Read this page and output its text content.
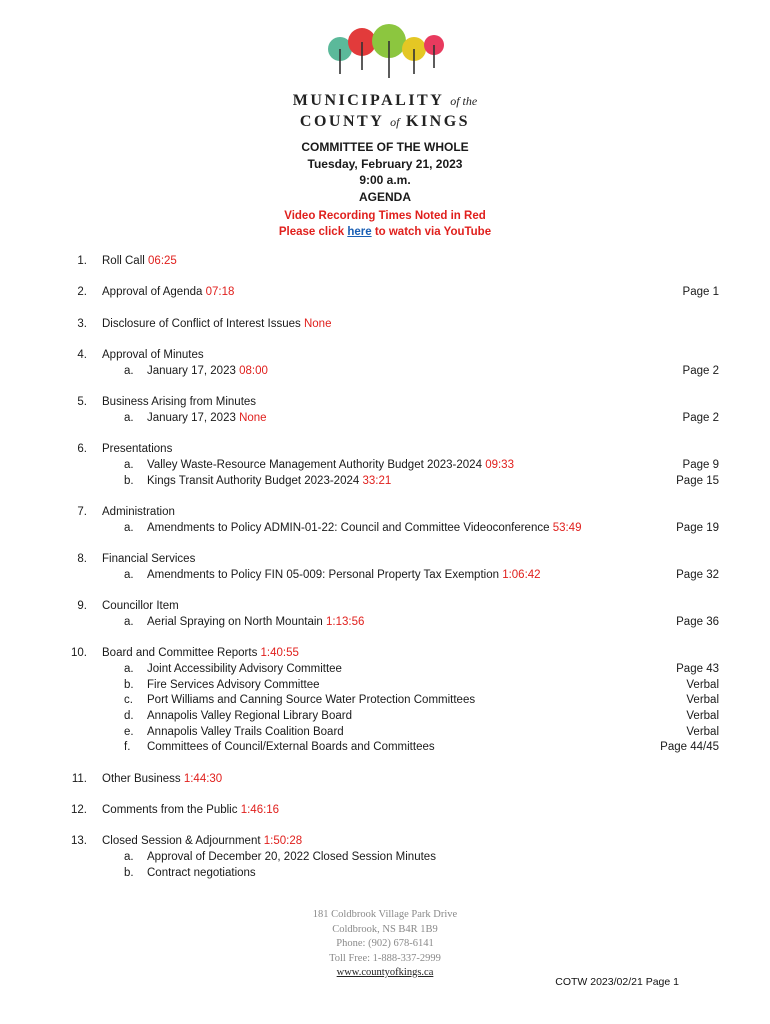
MUNICIPALITY of the
COUNTY of KINGS
COMMITTEE OF THE WHOLE
Tuesday, February 21, 2023
9:00 a.m.
AGENDA
Video Recording Times Noted in Red
Please click here to watch via YouTube
1. Roll Call 06:25
2. Approval of Agenda 07:18	Page 1
3. Disclosure of Conflict of Interest Issues None
4. Approval of Minutes
a. January 17, 2023 08:00	Page 2
5. Business Arising from Minutes
a. January 17, 2023 None	Page 2
6. Presentations
a. Valley Waste-Resource Management Authority Budget 2023-2024 09:33	Page 9
b. Kings Transit Authority Budget 2023-2024 33:21	Page 15
7. Administration
a. Amendments to Policy ADMIN-01-22: Council and Committee Videoconference 53:49	Page 19
8. Financial Services
a. Amendments to Policy FIN 05-009: Personal Property Tax Exemption 1:06:42	Page 32
9. Councillor Item
a. Aerial Spraying on North Mountain 1:13:56	Page 36
10. Board and Committee Reports 1:40:55
a. Joint Accessibility Advisory Committee	Page 43
b. Fire Services Advisory Committee	Verbal
c. Port Williams and Canning Source Water Protection Committees	Verbal
d. Annapolis Valley Regional Library Board	Verbal
e. Annapolis Valley Trails Coalition Board	Verbal
f. Committees of Council/External Boards and Committees	Page 44/45
11. Other Business 1:44:30
12. Comments from the Public 1:46:16
13. Closed Session & Adjournment 1:50:28
a. Approval of December 20, 2022 Closed Session Minutes
b. Contract negotiations
181 Coldbrook Village Park Drive
Coldbrook, NS B4R 1B9
Phone: (902) 678-6141
Toll Free: 1-888-337-2999
www.countyofkings.ca
COTW 2023/02/21 Page 1
